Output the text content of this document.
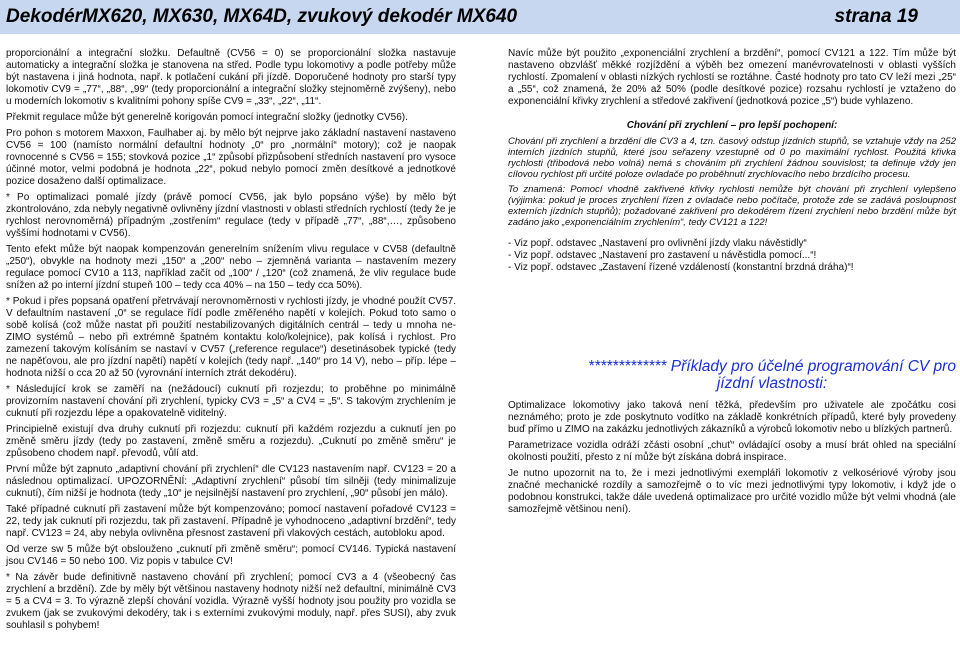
DekodérMX620, MX630, MX64D, zvukový dekodér MX640	strana 19

proporcionální a integrační složku. Defaultně (CV56 = 0) se proporcionální složka nastavuje automaticky a integrační složka je stanovena na střed. Podle typu lokomotivy a podle potřeby může být nastavena i jiná hodnota, např. k potlačení cukání při jízdě. Doporučené hodnoty pro starší typy lokomotiv CV9 = „77“, „88“, „99“ (tedy proporcionální a integrační složky stejnoměrně zvýšeny), nebo u moderních lokomotiv s kvalitními pohony spíše CV9 = „33“, „22“, „11“.

Překmit regulace může být generelně korigován pomocí integrační složky (jednotky CV56).

Pro pohon s motorem Maxxon, Faulhaber aj. by mělo být nejprve jako základní nastavení nastaveno CV56 = 100 (namísto normální defaultní hodnoty „0“ pro „normální“ motory); což je naopak rovnocenné s CV56 = 155; stovková pozice „1“ způsobí přizpůsobení středních nastavení pro vysoce účinné motor, velmi podobná je hodnota „22“, pokud nebylo pomocí změn desítkové a jednotkové pozice dosaženo další optimalizace.

* Po optimalizaci pomalé jízdy (právě pomocí CV56, jak bylo popsáno výše) by mělo být zkontrolováno, zda nebyly negativně ovlivněny jízdní vlastnosti v oblasti středních rychlostí (tedy že je rychlost nerovnoměrná) případným „zostřením“ regulace (tedy v případě „77“, „88“,…, způsobeno vyššími hodnotami v CV56).

Tento efekt může být naopak kompenzován generelním snížením vlivu regulace v CV58 (defaultně „250“), obvykle na hodnoty mezi „150“ a „200“ nebo – zjemněná varianta – nastavením mezery regulace pomocí CV10 a 113, například začít od „100“ / „120“ (což znamená, že vliv regulace bude snížen až po interní jízdní stupeň 100 – tedy cca 40% – na 150 – tedy cca 50%).

* Pokud i přes popsaná opatření přetrvávají nerovnoměrnosti v rychlosti jízdy, je vhodné použít CV57. V defaultním nastavení „0“ se regulace řídí podle změřeného napětí v kolejích. Pokud toto samo o sobě kolísá (což může nastat při použití nestabilizovaných digitálních centrál – tedy u mnoha ne-ZIMO systémů – nebo při extrémně špatném kontaktu kolo/kolejnice), pak kolísá i rychlost. Pro zamezení takovým kolísáním se nastaví v CV57 („reference regulace“) desetinásobek typické (tedy ne napěťovou, ale pro jízdní napětí) napětí v kolejích (tedy např. „140“ pro 14 V), nebo – příp. lépe – hodnota nižší o cca 20 až 50 (vyrovnání interních ztrát dekodéru).

* Následující krok se zaměří na (nežádoucí) cuknutí při rozjezdu; to proběhne po minimálně provizorním nastavení chování při zrychlení, typicky CV3 = „5“ a CV4 = „5“. S takovým zrychlením je cuknutí při rozjezdu lépe a opakovatelně viditelný.

Principielně existují dva druhy cuknutí při rozjezdu: cuknutí při každém rozjezdu a cuknutí jen po změně směru jízdy (tedy po zastavení, změně směru a rozjezdu). „Cuknutí po změně směru“ je způsobeno chodem např. převodů, vůlí atd.

První může být zapnuto „adaptivní chování při zrychlení“ dle CV123 nastavením např. CV123 = 20 a následnou optimalizací. UPOZORNĚNÍ: „Adaptivní zrychlení“ působí tím silněji (tedy minimalizuje cuknutí), čím nižší je hodnota (tedy „10“ je nejsilnější nastavení pro zrychlení, „90“ působí jen málo).

Také případné cuknutí při zastavení může být kompenzováno; pomocí nastavení pořadové CV123 = 22, tedy jak cuknutí při rozjezdu, tak při zastavení. Případně je vyhodnoceno „adaptivní brzdění“, tedy např. CV123 = 24, aby nebyla ovlivněna přesnost zastavení při vlakových cestách, autobloku apod.

Od verze sw 5 může být obslouženo „cuknutí při změně směru“; pomocí CV146. Typická nastavení jsou CV146 = 50 nebo 100. Viz popis v tabulce CV!

* Na závěr bude definitivně nastaveno chování při zrychlení; pomocí CV3 a 4 (všeobecný čas zrychlení a brzdění). Zde by měly být většinou nastaveny hodnoty nižší než defaultní, minimálně CV3 = 5 a CV4 = 3. To výrazně zlepší chování vozidla. Výrazně vyšší hodnoty jsou použity pro vozidla se zvukem (jak se zvukovými dekodéry, tak i s externími zvukovými moduly, např. přes SUSI), aby zvuk souhlasil s pohybem!

Navíc může být použito „exponenciální zrychlení a brzdění“, pomocí CV121 a 122. Tím může být nastaveno obzvlášť měkké rozjíždění a výběh bez omezení manévrovatelnosti v oblasti vyšších rychlostí. Zpomalení v oblasti nízkých rychlostí se roztáhne. Časté hodnoty pro tato CV leží mezi „25“ a „55“, což znamená, že 20% až 50% (podle desítkové pozice) rozsahu rychlostí je vztaženo do exponenciální křivky zrychlení a středové zakřivení (jednotková pozice „5“) bude vyhlazeno.

Chování při zrychlení – pro lepší pochopení:

Chování při zrychlení a brzdění dle CV3 a 4, tzn. časový odstup jízdních stupňů, se vztahuje vždy na 252 interních jízdních stupňů, které jsou seřazeny vzestupně od 0 po maximální rychlost. Použitá křivka rychlosti (třibodová nebo volná) nemá s chováním při zrychlení žádnou souvislost; ta definuje vždy jen cílovou rychlost při určité poloze ovladače po proběhnutí zrychlovacího nebo brzdícího procesu.

To znamená: Pomocí vhodně zakřivené křivky rychlosti nemůže být chování při zrychlení vylepšeno (výjimka: pokud je proces zrychlení řízen z ovladače nebo počítače, protože zde se zadává posloupnost externích jízdních stupňů); požadované zakřivení pro dekodérem řízení zrychlení nebo brzdění může být zadáno jako „exponenciálním zrychlením“, tedy CV121 a 122!

- Viz popř. odstavec „Nastavení pro ovlivnění jízdy vlaku návěstidly“
- Viz popř. odstavec „Nastavení pro zastavení u návěstidla pomocí...“!
- Viz popř. odstavec „Zastavení řízené vzdáleností (konstantní brzdná dráha)“!
************* Příklady pro účelné programování CV pro jízdní vlastnosti:

Optimalizace lokomotivy jako taková není těžká, především pro uživatele ale zpočátku cosi neznámého; proto je zde poskytnuto vodítko na základě konkrétních případů, které byly provedeny buď přímo u ZIMO na zakázku jednotlivých zákazníků a výrobců lokomotiv nebo u blízkých partnerů.

Parametrizace vozidla odráží zčásti osobní „chuť“ ovládající osoby a musí brát ohled na speciální okolnosti použití, přesto z ní může být získána dobrá inspirace.

Je nutno upozornit na to, že i mezi jednotlivými exempláři lokomotiv z velkosériové výroby jsou značné mechanické rozdíly a samozřejmě o to víc mezi jednotlivými typy lokomotiv, i když jde o podobnou konstrukci, takže dále uvedená optimalizace pro určité vozidlo může být velmi vhodná (ale samozřejmě většinou není).
